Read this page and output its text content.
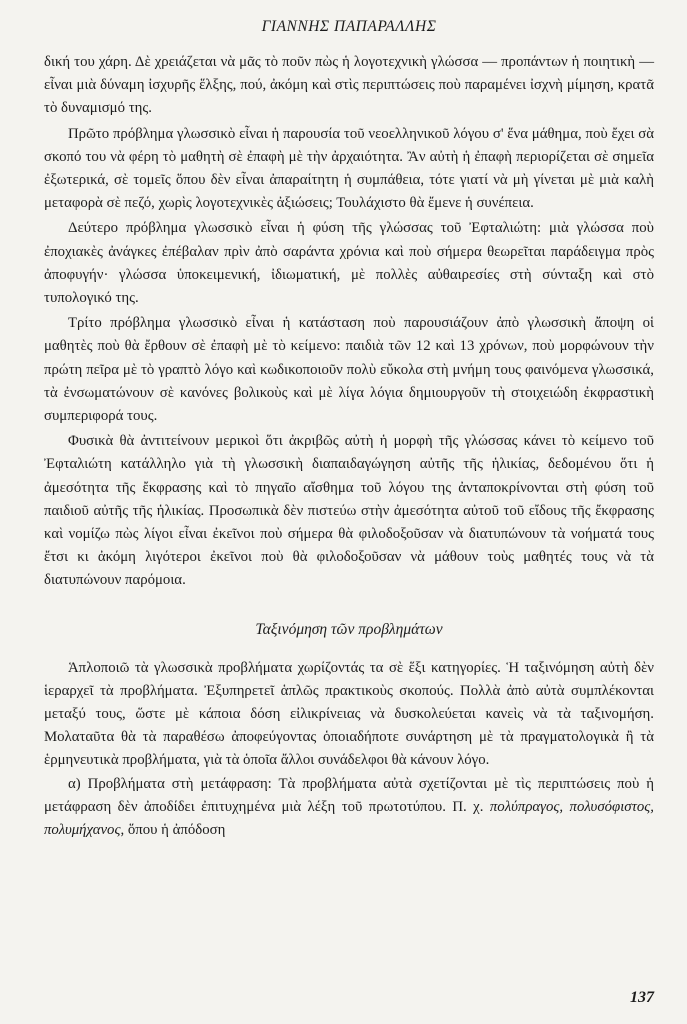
ΓΙΑΝΝΗΣ ΠΑΠΑΡΑΛΛΗΣ

δική του χάρη. Δὲ χρειάζεται νὰ μᾶς τὸ ποῦν πὼς ἡ λογοτεχνικὴ γλώσσα — προπάντων ἡ ποιητικὴ — εἶναι μιὰ δύναμη ἰσχυρῆς ἕλξης, πού, ἀκόμη καὶ στὶς περιπτώσεις ποὺ παραμένει ἰσχνὴ μίμηση, κρατᾶ τὸ δυναμισμό της.

Πρῶτο πρόβλημα γλωσσικὸ εἶναι ἡ παρουσία τοῦ νεοελληνικοῦ λόγου σ' ἕνα μάθημα, ποὺ ἔχει σὰ σκοπό του νὰ φέρη τὸ μαθητὴ σὲ ἐπαφὴ μὲ τὴν ἀρχαιότητα. Ἂν αὐτὴ ἡ ἐπαφὴ περιορίζεται σὲ σημεῖα ἐξωτερικά, σὲ τομεῖς ὅπου δὲν εἶναι ἀπαραίτητη ἡ συμπάθεια, τότε γιατί νὰ μὴ γίνεται μὲ μιὰ καλὴ μεταφορὰ σὲ πεζό, χωρὶς λογοτεχνικὲς ἀξιώσεις; Τουλάχιστο θὰ ἔμενε ἡ συνέπεια.

Δεύτερο πρόβλημα γλωσσικὸ εἶναι ἡ φύση τῆς γλώσσας τοῦ Ἐφταλιώτη: μιὰ γλώσσα ποὺ ἐποχιακὲς ἀνάγκες ἐπέβαλαν πρὶν ἀπὸ σαράντα χρόνια καὶ ποὺ σήμερα θεωρεῖται παράδειγμα πρὸς ἀποφυγήν· γλώσσα ὑποκειμενική, ἰδιωματική, μὲ πολλὲς αὐθαιρεσίες στὴ σύνταξη καὶ στὸ τυπολογικό της.

Τρίτο πρόβλημα γλωσσικὸ εἶναι ἡ κατάσταση ποὺ παρουσιάζουν ἀπὸ γλωσσικὴ ἄποψη οἱ μαθητὲς ποὺ θὰ ἔρθουν σὲ ἐπαφὴ μὲ τὸ κείμενο: παιδιὰ τῶν 12 καὶ 13 χρόνων, ποὺ μορφώνουν τὴν πρώτη πεῖρα μὲ τὸ γραπτὸ λόγο καὶ κωδικοποιοῦν πολὺ εὔκολα στὴ μνήμη τους φαινόμενα γλωσσικά, τὰ ἐνσωματώνουν σὲ κανόνες βολικοὺς καὶ μὲ λίγα λόγια δημιουργοῦν τὴ στοιχειώδη ἐκφραστικὴ συμπεριφορά τους.

Φυσικὰ θὰ ἀντιτείνουν μερικοὶ ὅτι ἀκριβῶς αὐτὴ ἡ μορφὴ τῆς γλώσσας κάνει τὸ κείμενο τοῦ Ἐφταλιώτη κατάλληλο γιὰ τὴ γλωσσικὴ διαπαιδαγώγηση αὐτῆς τῆς ἡλικίας, δεδομένου ὅτι ἡ ἀμεσότητα τῆς ἔκφρασης καὶ τὸ πηγαῖο αἴσθημα τοῦ λόγου της ἀνταποκρίνονται στὴ φύση τοῦ παιδιοῦ αὐτῆς τῆς ἡλικίας. Προσωπικὰ δὲν πιστεύω στὴν ἀμεσότητα αὐτοῦ τοῦ εἴδους τῆς ἔκφρασης καὶ νομίζω πὼς λίγοι εἶναι ἐκεῖνοι ποὺ σήμερα θὰ φιλοδοξοῦσαν νὰ διατυπώνουν τὰ νοήματά τους ἔτσι κι ἀκόμη λιγότεροι ἐκεῖνοι ποὺ θὰ φιλοδοξοῦσαν νὰ μάθουν τοὺς μαθητές τους νὰ τὰ διατυπώνουν παρόμοια.

Ταξινόμηση τῶν προβλημάτων

Ἁπλοποιῶ τὰ γλωσσικὰ προβλήματα χωρίζοντάς τα σὲ ἕξι κατηγορίες. Ἡ ταξινόμηση αὐτὴ δὲν ἱεραρχεῖ τὰ προβλήματα. Ἐξυπηρετεῖ ἁπλῶς πρακτικοὺς σκοπούς. Πολλὰ ἀπὸ αὐτὰ συμπλέκονται μεταξύ τους, ὥστε μὲ κάποια δόση εἰλικρίνειας νὰ δυσκολεύεται κανεὶς νὰ τὰ ταξινομήση. Μολαταῦτα θὰ τὰ παραθέσω ἀποφεύγοντας ὁποιαδήποτε συνάρτηση μὲ τὰ πραγματολογικὰ ἢ τὰ ἑρμηνευτικὰ προβλήματα, γιὰ τὰ ὁποῖα ἄλλοι συνάδελφοι θὰ κάνουν λόγο.

α) Προβλήματα στὴ μετάφραση: Τὰ προβλήματα αὐτὰ σχετίζονται μὲ τὶς περιπτώσεις ποὺ ἡ μετάφραση δὲν ἀποδίδει ἐπιτυχημένα μιὰ λέξη τοῦ πρωτοτύπου. Π. χ. πολύπραγος, πολυσόφιστος, πολυμήχανος, ὅπου ἡ ἀπόδοση

137
